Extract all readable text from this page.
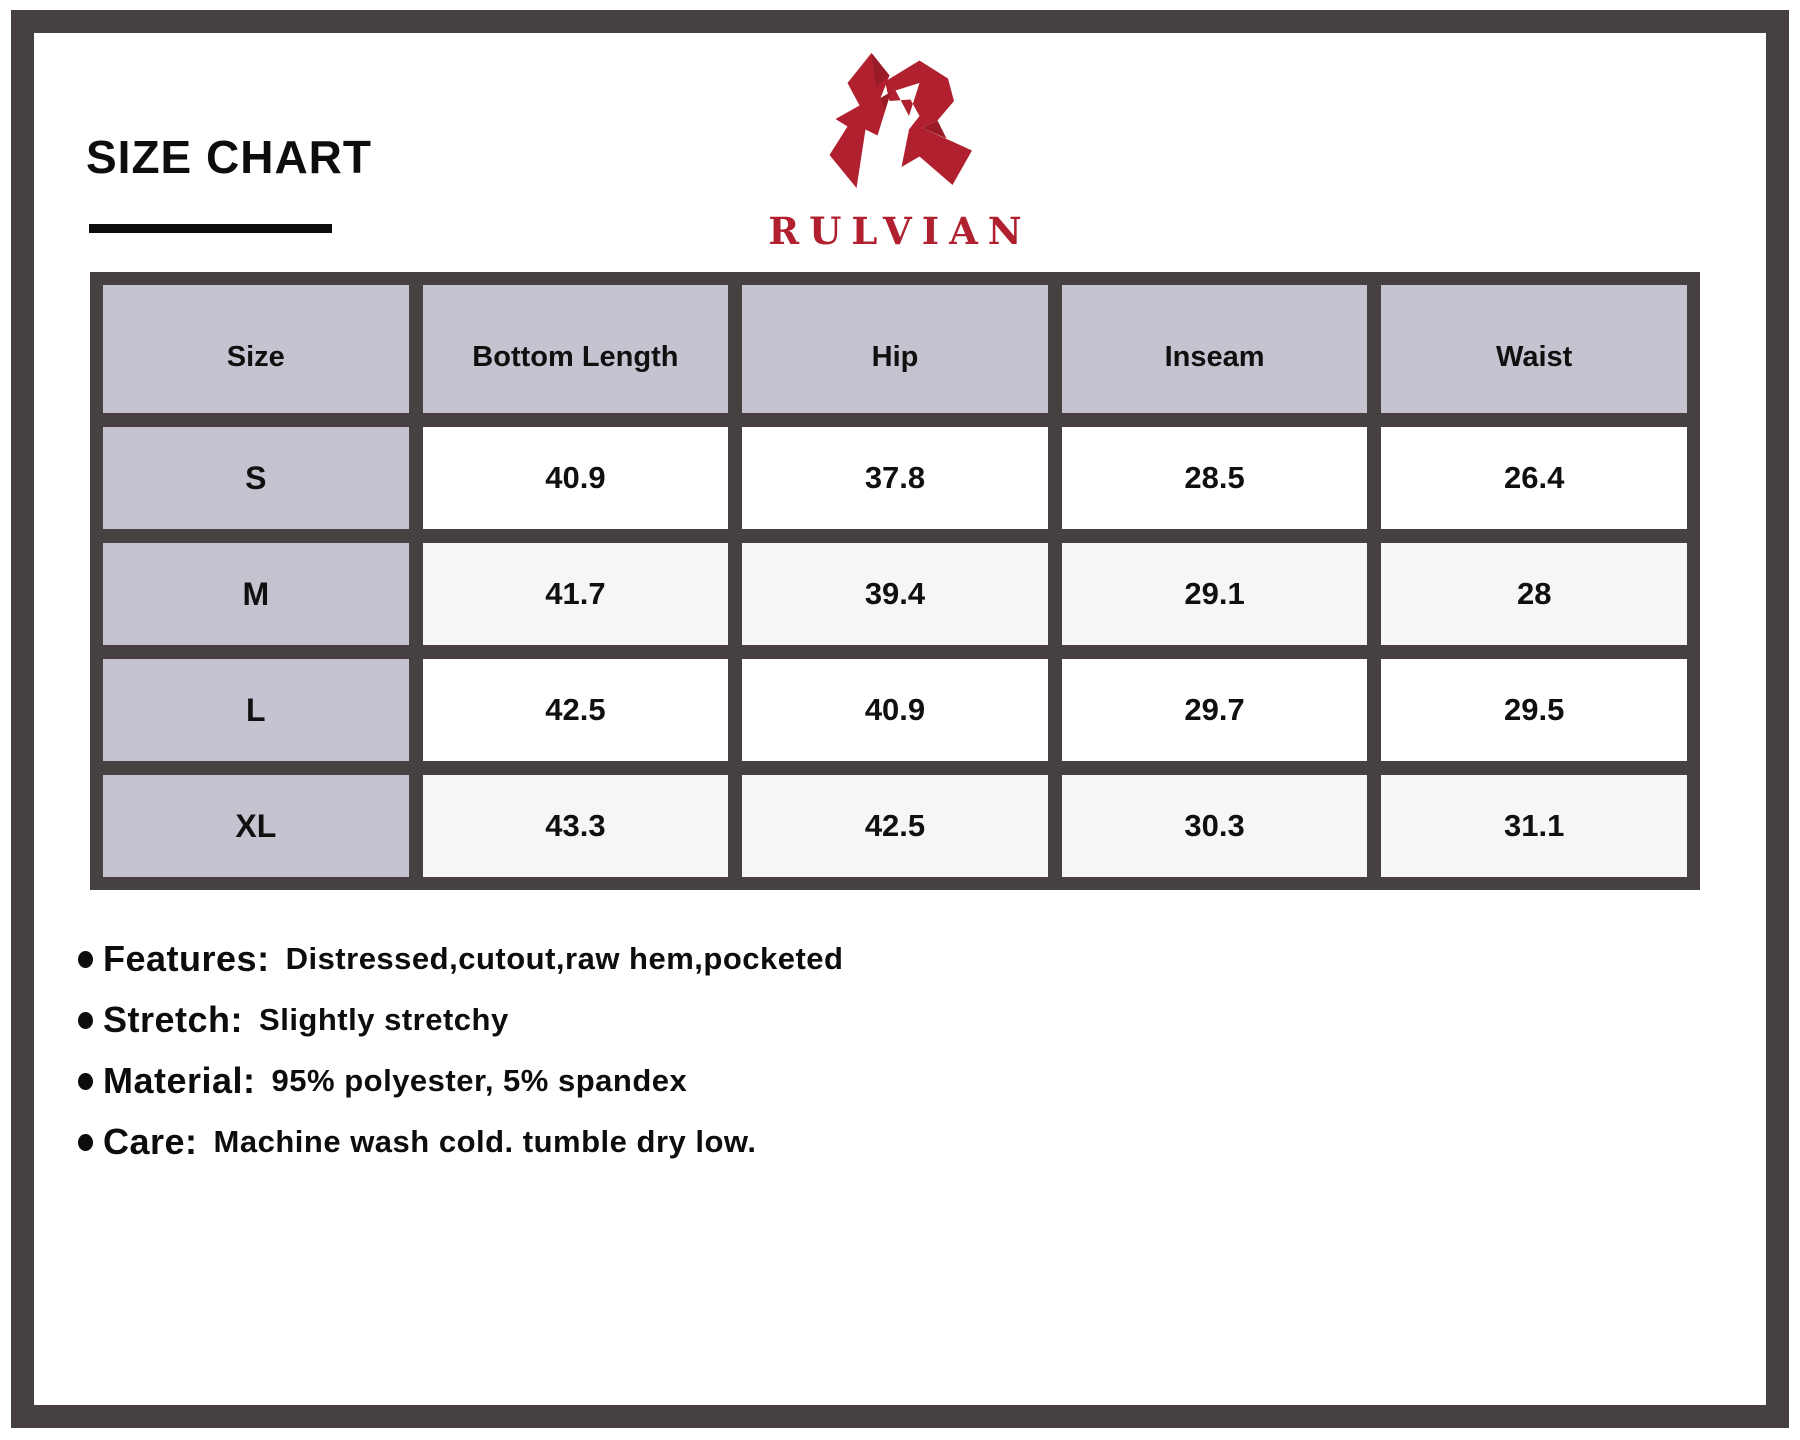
SIZE CHART
RULVIAN
Size	Bottom Length	Hip	Inseam	Waist
S	40.9	37.8	28.5	26.4
M	41.7	39.4	29.1	28
L	42.5	40.9	29.7	29.5
XL	43.3	42.5	30.3	31.1
Features: Distressed,cutout,raw hem,pocketed
Stretch: Slightly stretchy
Material: 95% polyester, 5% spandex
Care: Machine wash cold. tumble dry low.
